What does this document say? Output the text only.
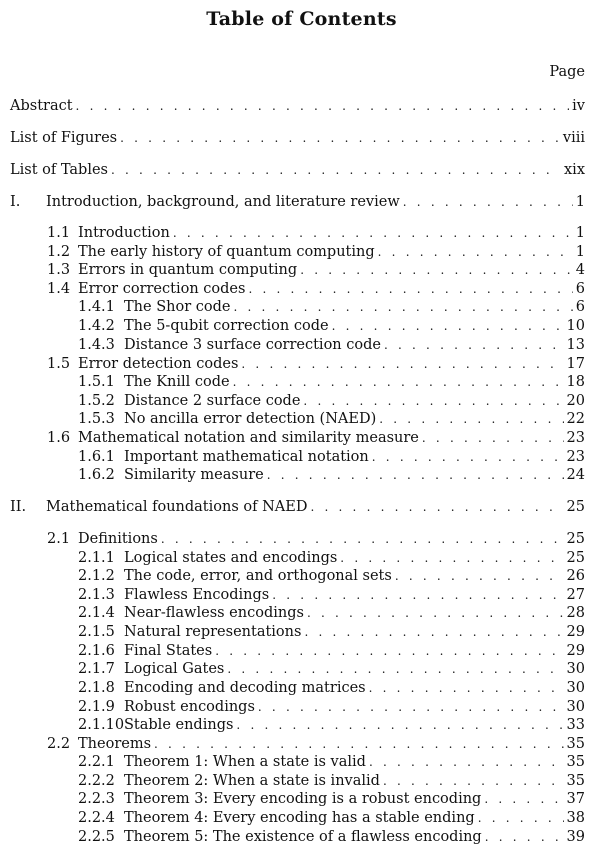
Table of Contents
Page
Abstract . . .	iv
List of Figures . . .	viii
List of Tables . . .	xix
I.	Introduction, background, and literature review . . .	1
1.1 Introduction . . .	1
1.2 The early history of quantum computing . . .	1
1.3 Errors in quantum computing . . .	4
1.4 Error correction codes . . .	6
1.4.1 The Shor code . . .	6
1.4.2 The 5-qubit correction code . . .	10
1.4.3 Distance 3 surface correction code . . .	13
1.5 Error detection codes . . .	17
1.5.1 The Knill code . . .	18
1.5.2 Distance 2 surface code . . .	20
1.5.3 No ancilla error detection (NAED) . . .	22
1.6 Mathematical notation and similarity measure . . .	23
1.6.1 Important mathematical notation . . .	23
1.6.2 Similarity measure . . .	24
II.	Mathematical foundations of NAED . . .	25
2.1 Definitions . . .	25
2.1.1 Logical states and encodings . . .	25
2.1.2 The code, error, and orthogonal sets . . .	26
2.1.3 Flawless Encodings . . .	27
2.1.4 Near-flawless encodings . . .	28
2.1.5 Natural representations . . .	29
2.1.6 Final States . . .	29
2.1.7 Logical Gates . . .	30
2.1.8 Encoding and decoding matrices . . .	30
2.1.9 Robust encodings . . .	30
2.1.10 Stable endings . . .	33
2.2 Theorems . . .	35
2.2.1 Theorem 1: When a state is valid . . .	35
2.2.2 Theorem 2: When a state is invalid . . .	35
2.2.3 Theorem 3: Every encoding is a robust encoding . . .	37
2.2.4 Theorem 4: Every encoding has a stable ending . . .	38
2.2.5 Theorem 5: The existence of a flawless encoding . . .	39
